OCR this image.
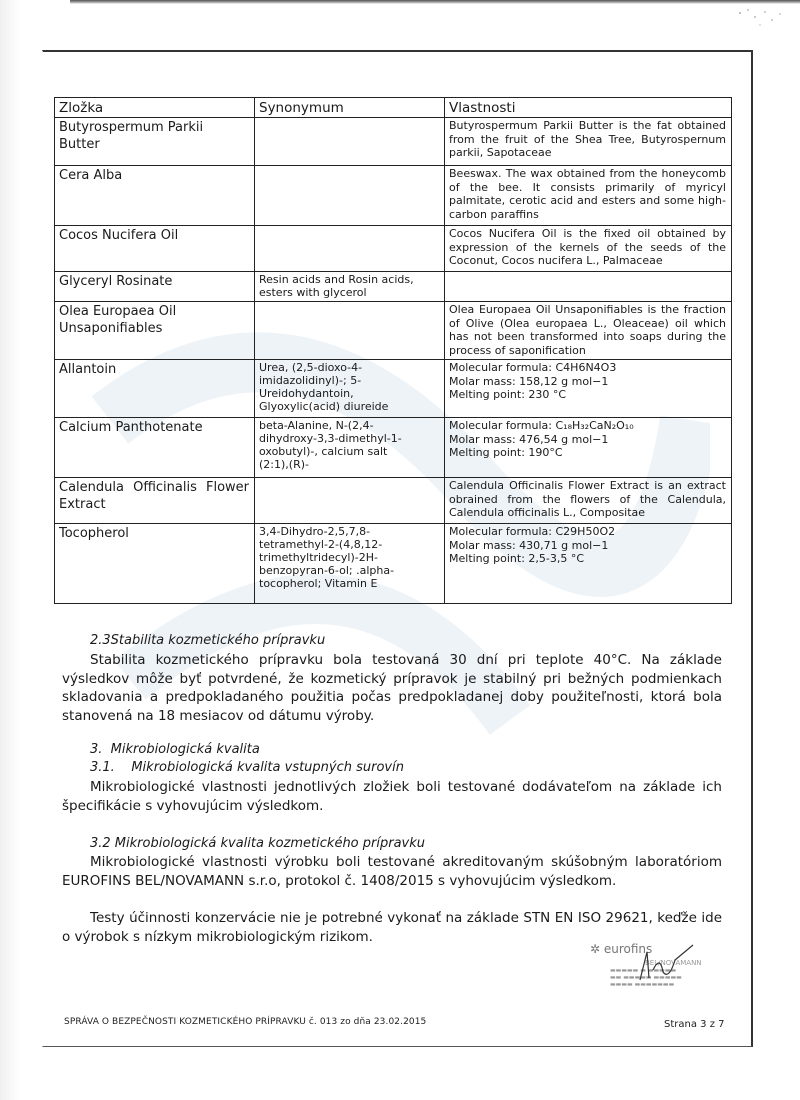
Zložka	Synonymum	Vlastnosti

Butyrospermum Parkii
Butter		Butyrospermum Parkii Butter is the fat obtained from the fruit of the Shea Tree, Butyrospernum parkii, Sapotaceae

Cera Alba		Beeswax. The wax obtained from the honeycomb of the bee. It consists primarily of myricyl palmitate, cerotic acid and esters and some high-carbon paraffins

Cocos Nucifera Oil		Cocos Nucifera Oil is the fixed oil obtained by expression of the kernels of the seeds of the Coconut, Cocos nucifera L., Palmaceae

Glyceryl Rosinate	Resin acids and Rosin acids,
esters with glycerol	

Olea Europaea Oil
Unsaponifiables		Olea Europaea Oil Unsaponifiables is the fraction of Olive (Olea europaea L., Oleaceae) oil which has not been transformed into soaps during the process of saponification

Allantoin	Urea, (2,5-dioxo-4-
imidazolidinyl)-; 5-
Ureidohydantoin,
Glyoxylic(acid) diureide	Molecular formula: C4H6N4O3
Molar mass: 158,12 g mol−1
Melting point: 230 °C

Calcium Panthotenate	beta-Alanine, N-(2,4-
dihydroxy-3,3-dimethyl-1-
oxobutyl)-, calcium salt
(2:1),(R)-	Molecular formula: C₁₈H₃₂CaN₂O₁₀
Molar mass: 476,54 g mol−1
Melting point: 190°C

Calendula Officinalis Flower Extract		Calendula Officinalis Flower Extract is an extract obrained from the flowers of the Calendula, Calendula officinalis L., Compositae

Tocopherol	3,4-Dihydro-2,5,7,8-
tetramethyl-2-(4,8,12-
trimethyltridecyl)-2H-
benzopyran-6-ol; .alpha-
tocopherol; Vitamin E	Molecular formula: C29H50O2
Molar mass: 430,71 g mol−1
Melting point: 2,5-3,5 °C
2.3Stabilita kozmetického prípravku
Stabilita kozmetického prípravku bola testovaná 30 dní pri teplote 40°C. Na základe výsledkov môže byť potvrdené, že kozmetický prípravok je stabilný pri bežných podmienkach skladovania a predpokladaného použitia počas predpokladanej doby použiteľnosti, ktorá bola stanovená na 18 mesiacov od dátumu výroby.
3.  Mikrobiologická kvalita
3.1.    Mikrobiologická kvalita vstupných surovín
Mikrobiologické vlastnosti jednotlivých zložiek boli testované dodávateľom na základe ich špecifikácie s vyhovujúcim výsledkom.
3.2 Mikrobiologická kvalita kozmetického prípravku
Mikrobiologické vlastnosti výrobku boli testované akreditovaným skúšobným laboratóriom EUROFINS BEL/NOVAMANN s.r.o, protokol č. 1408/2015 s vyhovujúcim výsledkom.
Testy účinnosti konzervácie nie je potrebné vykonať na základe STN EN ISO 29621, keďže ide o výrobok s nízkym mikrobiologickým rizikom.
✲ eurofins
BEL/NOVAMANN
▬▬▬▬▬ ▬ ▬▬▬▬▬
▬▬ ▬▬▬▬▬ ▬▬▬▬▬
▬▬▬▬ ▬▬▬▬▬▬▬
SPRÁVA O BEZPEČNOSTI KOZMETICKÉHO PRÍPRAVKU č. 013 zo dňa 23.02.2015	Strana 3 z 7
